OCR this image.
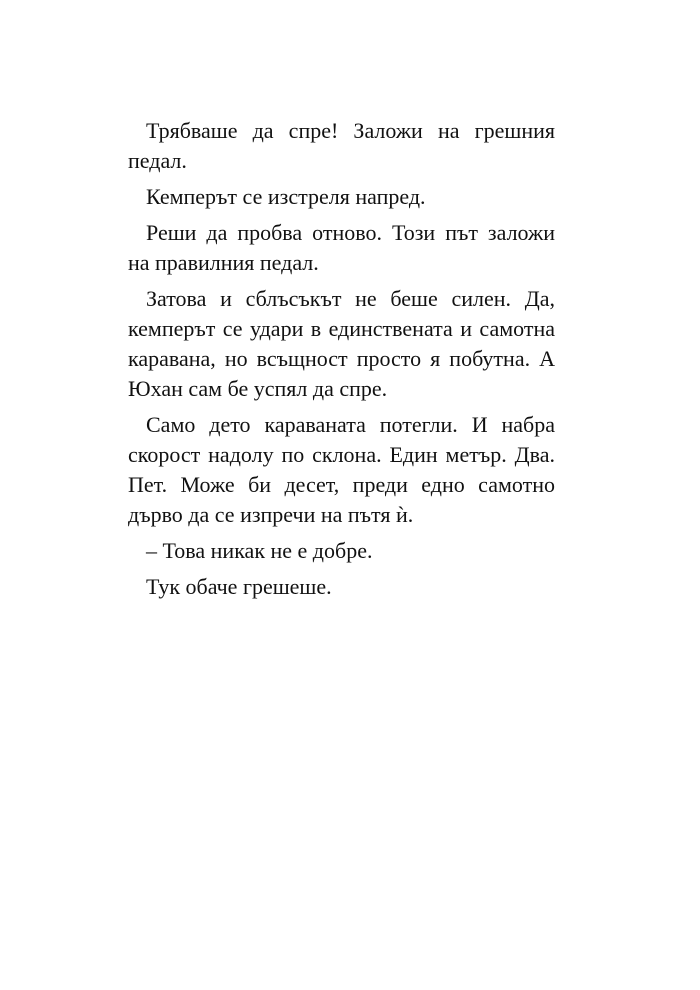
Трябваше да спре! Заложи на грешния педал.

Кемперът се изстреля напред.

Реши да пробва отново. Този път заложи на правилния педал.

Затова и сблъсъкът не беше силен. Да, кемперът се удари в единствената и самотна каравана, но всъщност просто я побутна. А Юхан сам бе успял да спре.

Само дето караваната потегли. И набра скорост надолу по склона. Един метър. Два. Пет. Може би десет, преди едно самотно дърво да се изпречи на пътя ѝ.

– Това никак не е добре.

Тук обаче грешеше.
